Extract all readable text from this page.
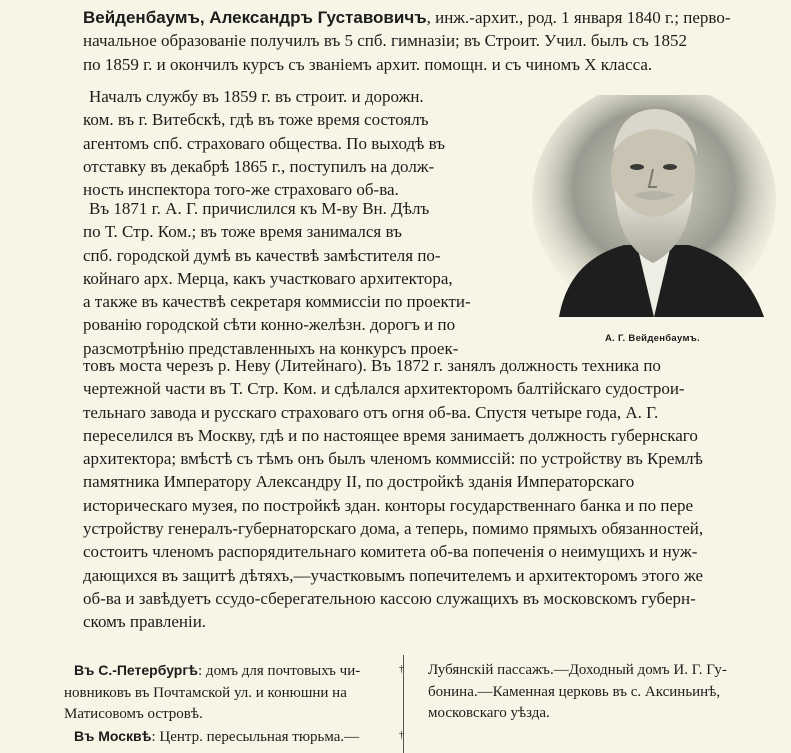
Вейденбаумъ, Александръ Густавовичъ, инж.-архит., род. 1 января 1840 г.; перво-
начальное образованіе получилъ въ 5 спб. гимназіи; въ Строит. Учил. былъ съ 1852
по 1859 г. и окончилъ курсъ съ званіемъ архит. помощн. и съ чиномъ X класса.

Началъ службу въ 1859 г. въ строит. и дорожн.
ком. въ г. Витебскѣ, гдѣ въ тоже время состоялъ
агентомъ спб. страховаго общества. По выходѣ въ
отставку въ декабрѣ 1865 г., поступилъ на долж-
ность инспектора того-же страховаго об-ва.

Въ 1871 г. А. Г. причислился къ М-ву Вн. Дѣлъ
по Т. Стр. Ком.; въ тоже время занимался въ
спб. городской думѣ въ качествѣ замѣстителя по-
койнаго арх. Мерца, какъ участковаго архитектора,
а также въ качествѣ секретаря коммиссіи по проекти-
рованію городской сѣти конно-желѣзн. дорогъ и по
разсмотрѣнію представленныхъ на конкурсъ проек-

товъ моста черезъ р. Неву (Литейнаго). Въ 1872 г. занялъ должность техника по
чертежной части въ Т. Стр. Ком. и сдѣлался архитекторомъ балтійскаго судострои-
тельнаго завода и русскаго страховаго отъ огня об-ва. Спустя четыре года, А. Г.
переселился въ Москву, гдѣ и по настоящее время занимаетъ должность губернскаго
архитектора; вмѣстѣ съ тѣмъ онъ былъ членомъ коммиссій: по устройству въ Кремлѣ
памятника Императору Александру II, по достройкѣ зданія Императорскаго
историческаго музея, по постройкѣ здан. конторы государственнаго банка и по пере
устройству генералъ-губернаторскаго дома, а теперь, помимо прямыхъ обязанностей,
состоитъ членомъ распорядительнаго комитета об-ва попеченія о неимущихъ и нуж-
дающихся въ защитѣ дѣтяхъ,—участковымъ попечителемъ и архитекторомъ этого же
об-ва и завѣдуетъ ссудо-сберегательною кассою служащихъ въ московскомъ губерн-
скомъ правленіи.

А. Г. Вейденбаумъ.
†
†

Въ С.-Петербургѣ: домъ для почтовыхъ чи-
новниковъ въ Почтамской ул. и конюшни на
Матисовомъ островѣ.
Въ Москвѣ: Центр. пересыльная тюрьма.—

Лубянскій пассажъ.—Доходный домъ И. Г. Гу-
бонина.—Каменная церковь въ с. Аксиньинѣ,
московскаго уѣзда.
